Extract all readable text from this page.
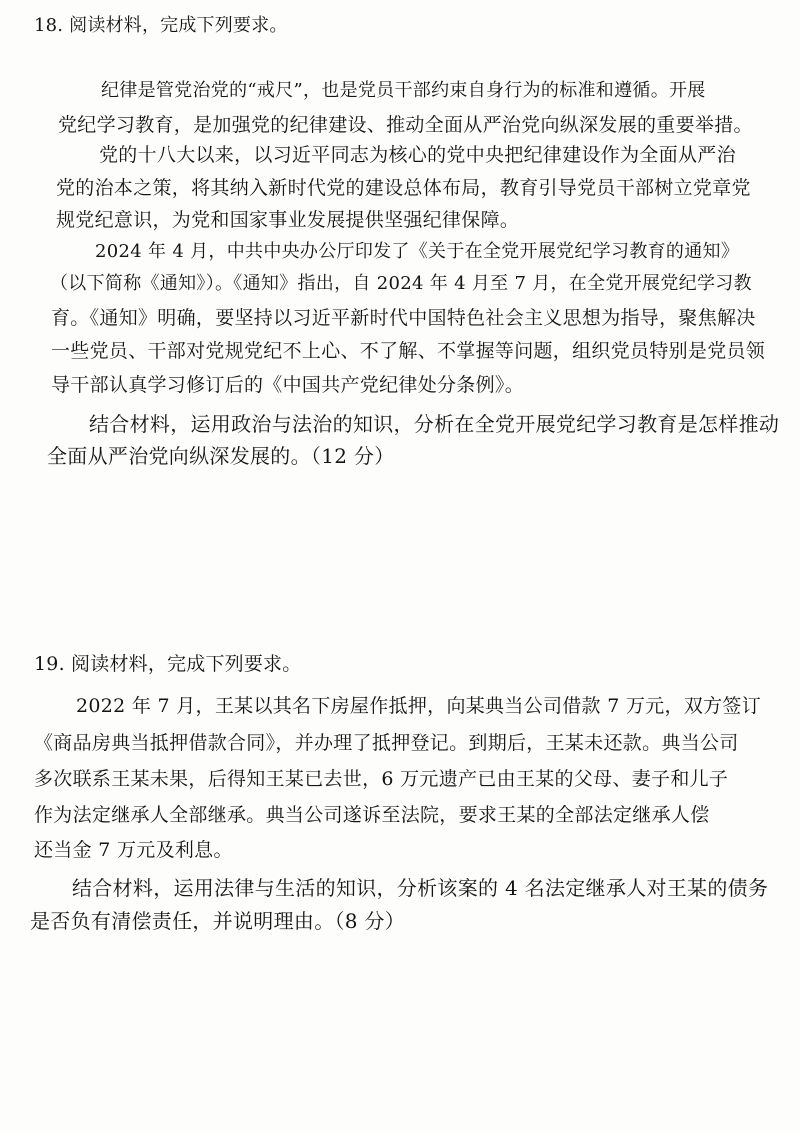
18. 阅读材料，完成下列要求。
纪律是管党治党的“戒尺”，也是党员干部约束自身行为的标准和遵循。开展
党纪学习教育，是加强党的纪律建设、推动全面从严治党向纵深发展的重要举措。
党的十八大以来，以习近平同志为核心的党中央把纪律建设作为全面从严治
党的治本之策，将其纳入新时代党的建设总体布局，教育引导党员干部树立党章党
规党纪意识，为党和国家事业发展提供坚强纪律保障。
2024 年 4 月，中共中央办公厅印发了《关于在全党开展党纪学习教育的通知》
（以下简称《通知》）。《通知》指出，自 2024 年 4 月至 7 月，在全党开展党纪学习教
育。《通知》明确，要坚持以习近平新时代中国特色社会主义思想为指导，聚焦解决
一些党员、干部对党规党纪不上心、不了解、不掌握等问题，组织党员特别是党员领
导干部认真学习修订后的《中国共产党纪律处分条例》。
结合材料，运用政治与法治的知识，分析在全党开展党纪学习教育是怎样推动
全面从严治党向纵深发展的。（12 分）
19. 阅读材料，完成下列要求。
2022 年 7 月，王某以其名下房屋作抵押，向某典当公司借款 7 万元，双方签订
《商品房典当抵押借款合同》，并办理了抵押登记。到期后，王某未还款。典当公司
多次联系王某未果，后得知王某已去世，6 万元遗产已由王某的父母、妻子和儿子
作为法定继承人全部继承。典当公司遂诉至法院，要求王某的全部法定继承人偿
还当金 7 万元及利息。
结合材料，运用法律与生活的知识，分析该案的 4 名法定继承人对王某的债务
是否负有清偿责任，并说明理由。（8 分）
